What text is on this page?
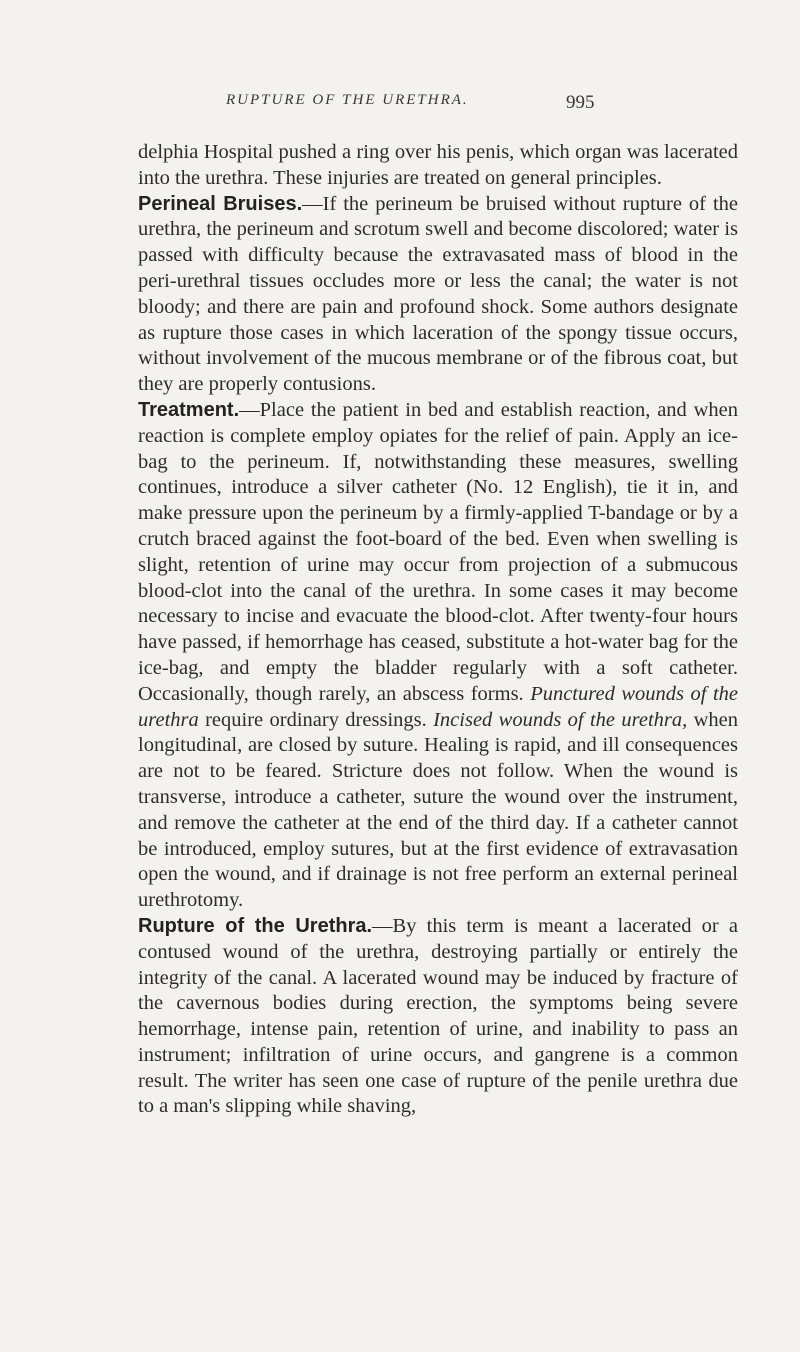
RUPTURE OF THE URETHRA.	995

delphia Hospital pushed a ring over his penis, which organ was lacerated into the urethra. These injuries are treated on general principles.

Perineal Bruises.—If the perineum be bruised without rupture of the urethra, the perineum and scrotum swell and become discolored; water is passed with difficulty because the extravasated mass of blood in the peri-urethral tissues occludes more or less the canal; the water is not bloody; and there are pain and profound shock. Some authors designate as rupture those cases in which laceration of the spongy tissue occurs, without involvement of the mucous membrane or of the fibrous coat, but they are properly contusions.

Treatment.—Place the patient in bed and establish reaction, and when reaction is complete employ opiates for the relief of pain. Apply an ice-bag to the perineum. If, notwithstanding these measures, swelling continues, introduce a silver catheter (No. 12 English), tie it in, and make pressure upon the perineum by a firmly-applied T-bandage or by a crutch braced against the foot-board of the bed. Even when swelling is slight, retention of urine may occur from projection of a submucous blood-clot into the canal of the urethra. In some cases it may become necessary to incise and evacuate the blood-clot. After twenty-four hours have passed, if hemorrhage has ceased, substitute a hot-water bag for the ice-bag, and empty the bladder regularly with a soft catheter. Occasionally, though rarely, an abscess forms. Punctured wounds of the urethra require ordinary dressings. Incised wounds of the urethra, when longitudinal, are closed by suture. Healing is rapid, and ill consequences are not to be feared. Stricture does not follow. When the wound is transverse, introduce a catheter, suture the wound over the instrument, and remove the catheter at the end of the third day. If a catheter cannot be introduced, employ sutures, but at the first evidence of extravasation open the wound, and if drainage is not free perform an external perineal urethrotomy.

Rupture of the Urethra.—By this term is meant a lacerated or a contused wound of the urethra, destroying partially or entirely the integrity of the canal. A lacerated wound may be induced by fracture of the cavernous bodies during erection, the symptoms being severe hemorrhage, intense pain, retention of urine, and inability to pass an instrument; infiltration of urine occurs, and gangrene is a common result. The writer has seen one case of rupture of the penile urethra due to a man's slipping while shaving,
